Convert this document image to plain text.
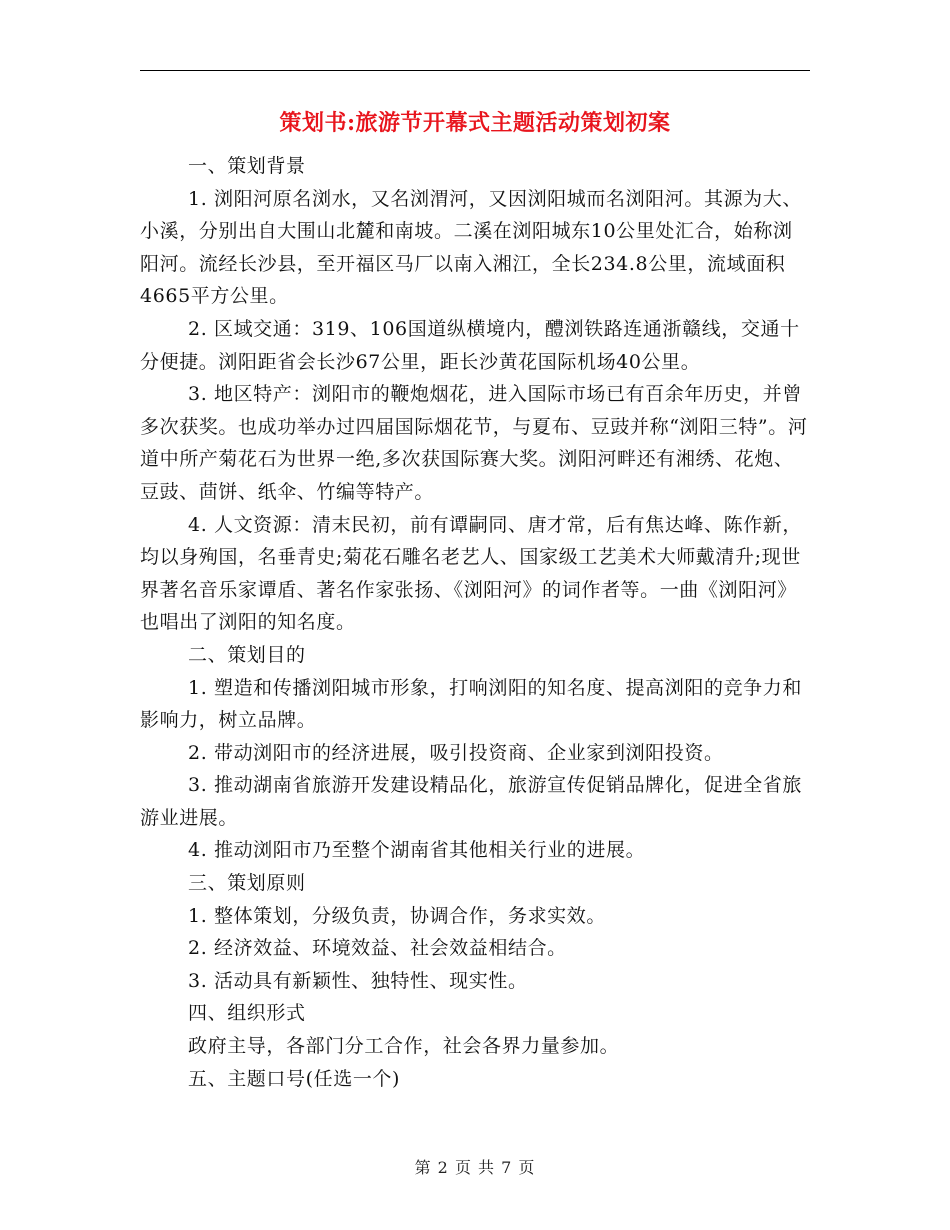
策划书:旅游节开幕式主题活动策划初案

一、策划背景

1. 浏阳河原名浏水，又名浏渭河，又因浏阳城而名浏阳河。其源为大、小溪，分别出自大围山北麓和南坡。二溪在浏阳城东10公里处汇合，始称浏阳河。流经长沙县，至开福区马厂以南入湘江，全长234.8公里，流域面积4665平方公里。

2. 区域交通：319、106国道纵横境内，醴浏铁路连通浙赣线，交通十分便捷。浏阳距省会长沙67公里，距长沙黄花国际机场40公里。

3. 地区特产：浏阳市的鞭炮烟花，进入国际市场已有百余年历史，并曾多次获奖。也成功举办过四届国际烟花节，与夏布、豆豉并称“浏阳三特”。河道中所产菊花石为世界一绝,多次获国际赛大奖。浏阳河畔还有湘绣、花炮、豆豉、茴饼、纸伞、竹编等特产。

4. 人文资源：清末民初，前有谭嗣同、唐才常，后有焦达峰、陈作新，均以身殉国，名垂青史;菊花石雕名老艺人、国家级工艺美术大师戴清升;现世界著名音乐家谭盾、著名作家张扬、《浏阳河》的词作者等。一曲《浏阳河》也唱出了浏阳的知名度。

二、策划目的

1. 塑造和传播浏阳城市形象，打响浏阳的知名度、提高浏阳的竞争力和影响力，树立品牌。

2. 带动浏阳市的经济进展，吸引投资商、企业家到浏阳投资。

3. 推动湖南省旅游开发建设精品化，旅游宣传促销品牌化，促进全省旅游业进展。

4. 推动浏阳市乃至整个湖南省其他相关行业的进展。

三、策划原则

1. 整体策划，分级负责，协调合作，务求实效。

2. 经济效益、环境效益、社会效益相结合。

3. 活动具有新颖性、独特性、现实性。

四、组织形式

政府主导，各部门分工合作，社会各界力量参加。

五、主题口号(任选一个)

第 2 页 共 7 页
